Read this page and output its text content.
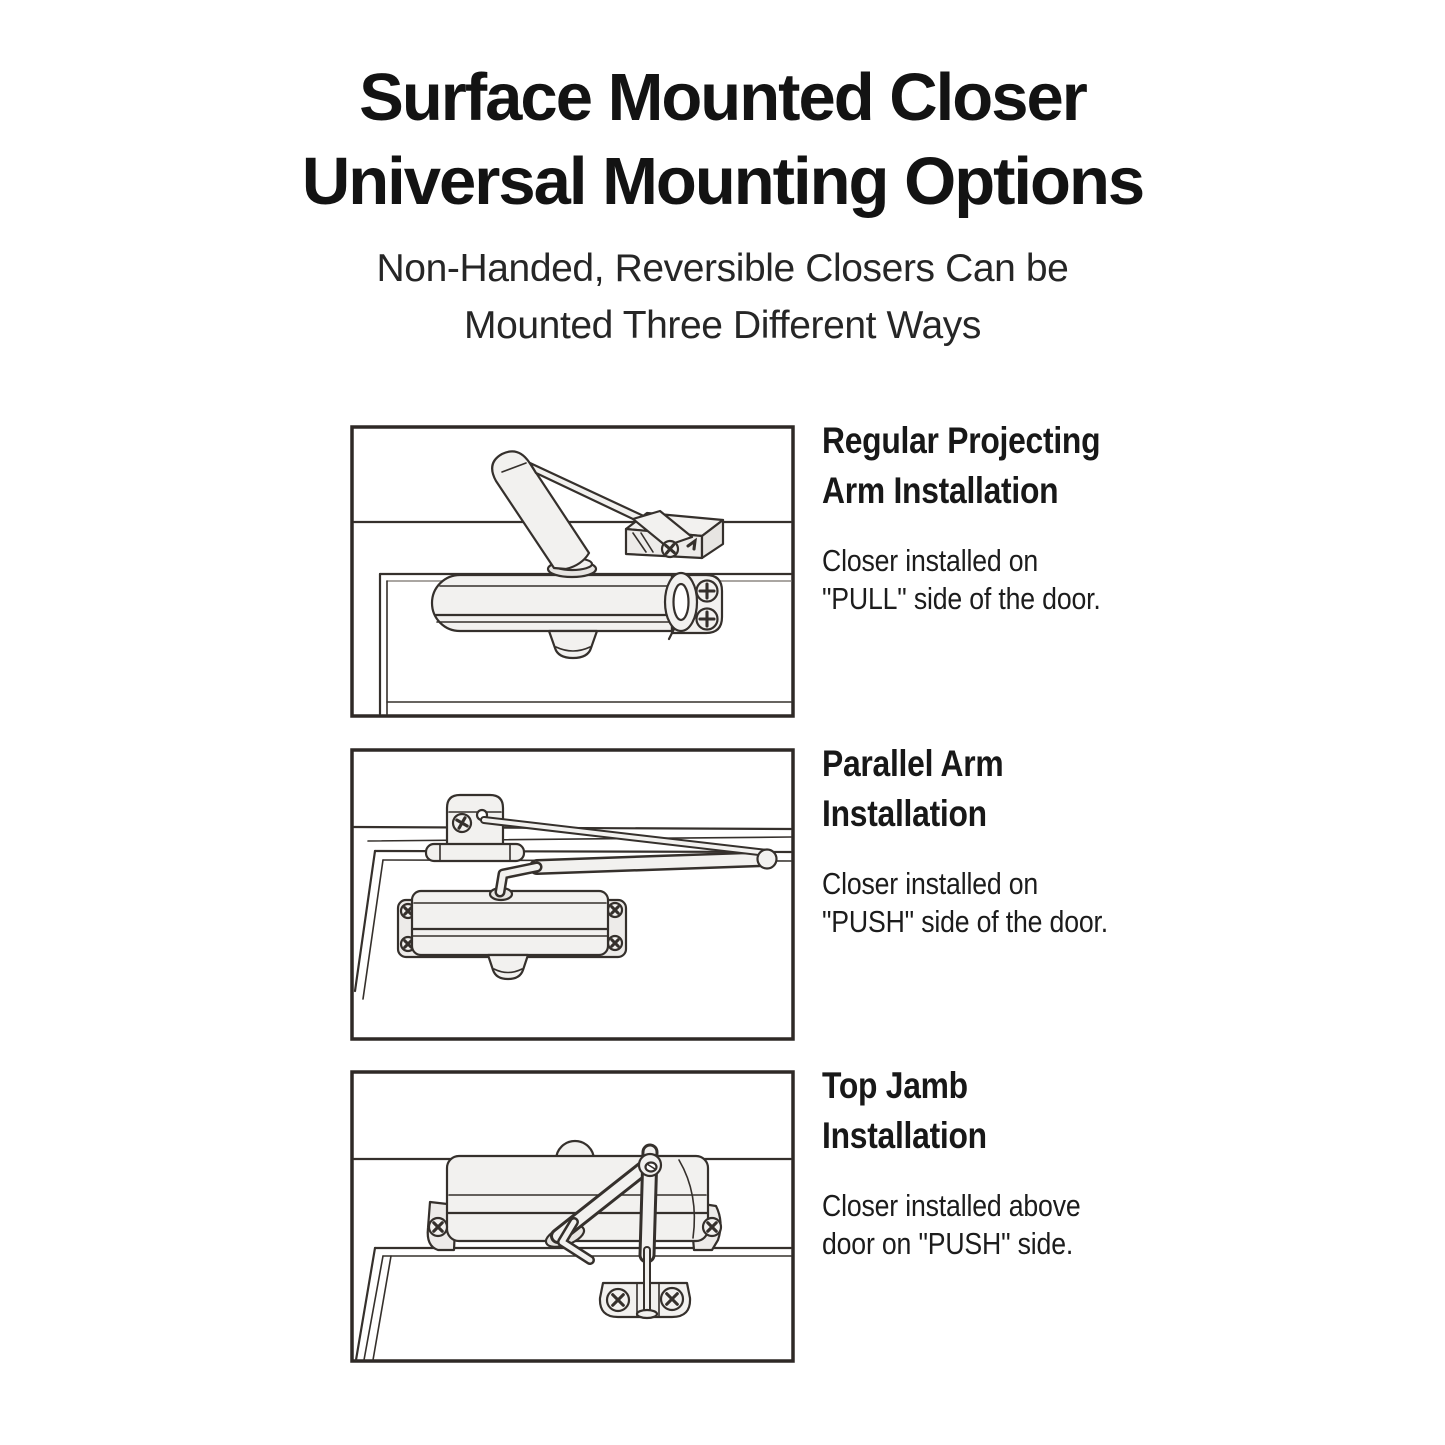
Surface Mounted Closer
Universal Mounting Options

Non-Handed, Reversible Closers Can be
Mounted Three Different Ways

Regular Projecting
Arm Installation

Closer installed on
"PULL" side of the door.

Parallel Arm
Installation

Closer installed on
"PUSH" side of the door.

Top Jamb
Installation

Closer installed above
door on "PUSH" side.
